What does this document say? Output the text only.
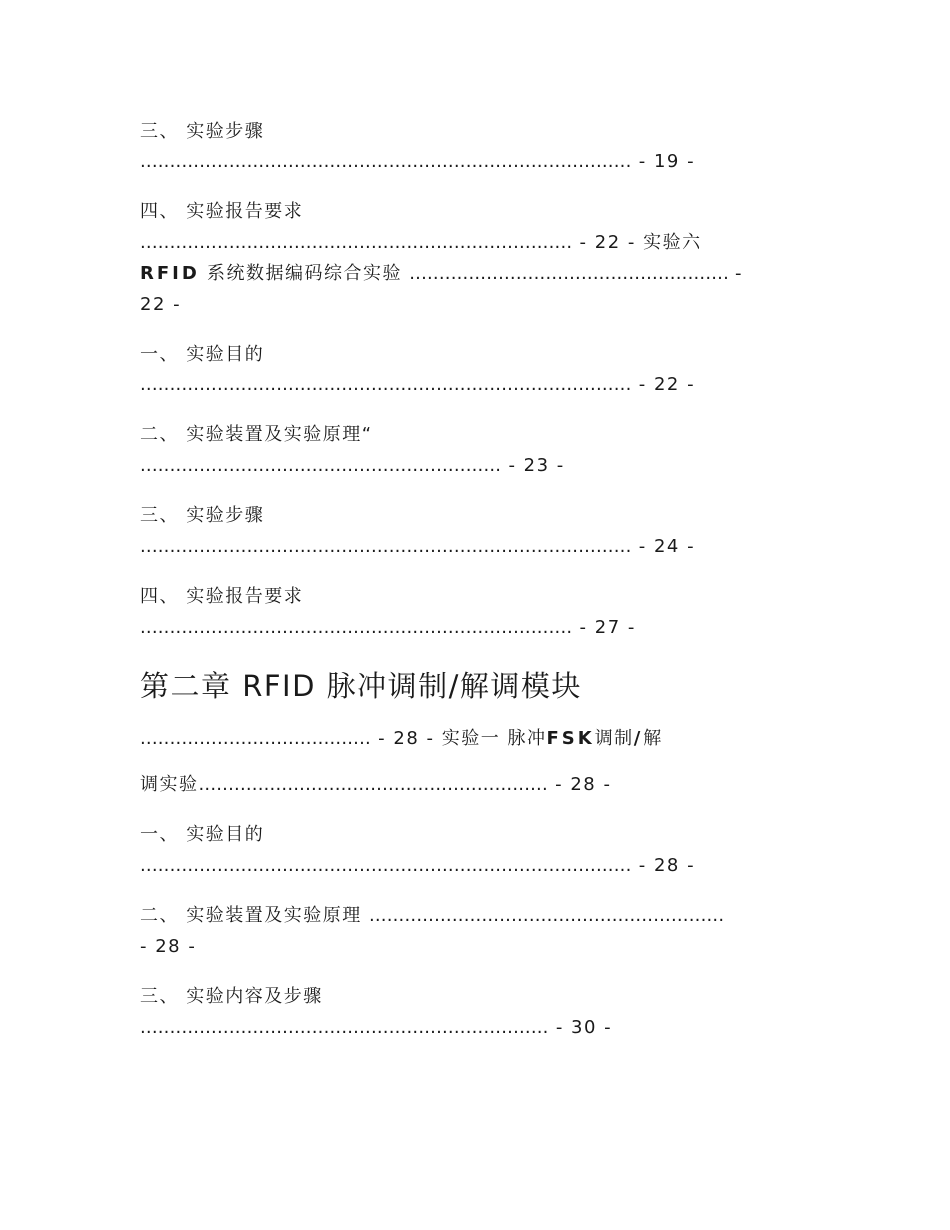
三、 实验步骤
................................................................................... - 19 -
四、 实验报告要求
......................................................................... - 22 - 实验六
RFID 系统数据编码综合实验 ...................................................... -
22 -
一、 实验目的
................................................................................... - 22 -
二、 实验装置及实验原理“
............................................................. - 23 -
三、 实验步骤
................................................................................... - 24 -
四、 实验报告要求
......................................................................... - 27 -
第二章 RFID 脉冲调制/解调模块
....................................... - 28 - 实验一 脉冲FSK调制/解
调实验........................................................... - 28 -
一、 实验目的
................................................................................... - 28 -
二、 实验装置及实验原理 ............................................................
- 28 -
三、 实验内容及步骤
..................................................................... - 30 -
